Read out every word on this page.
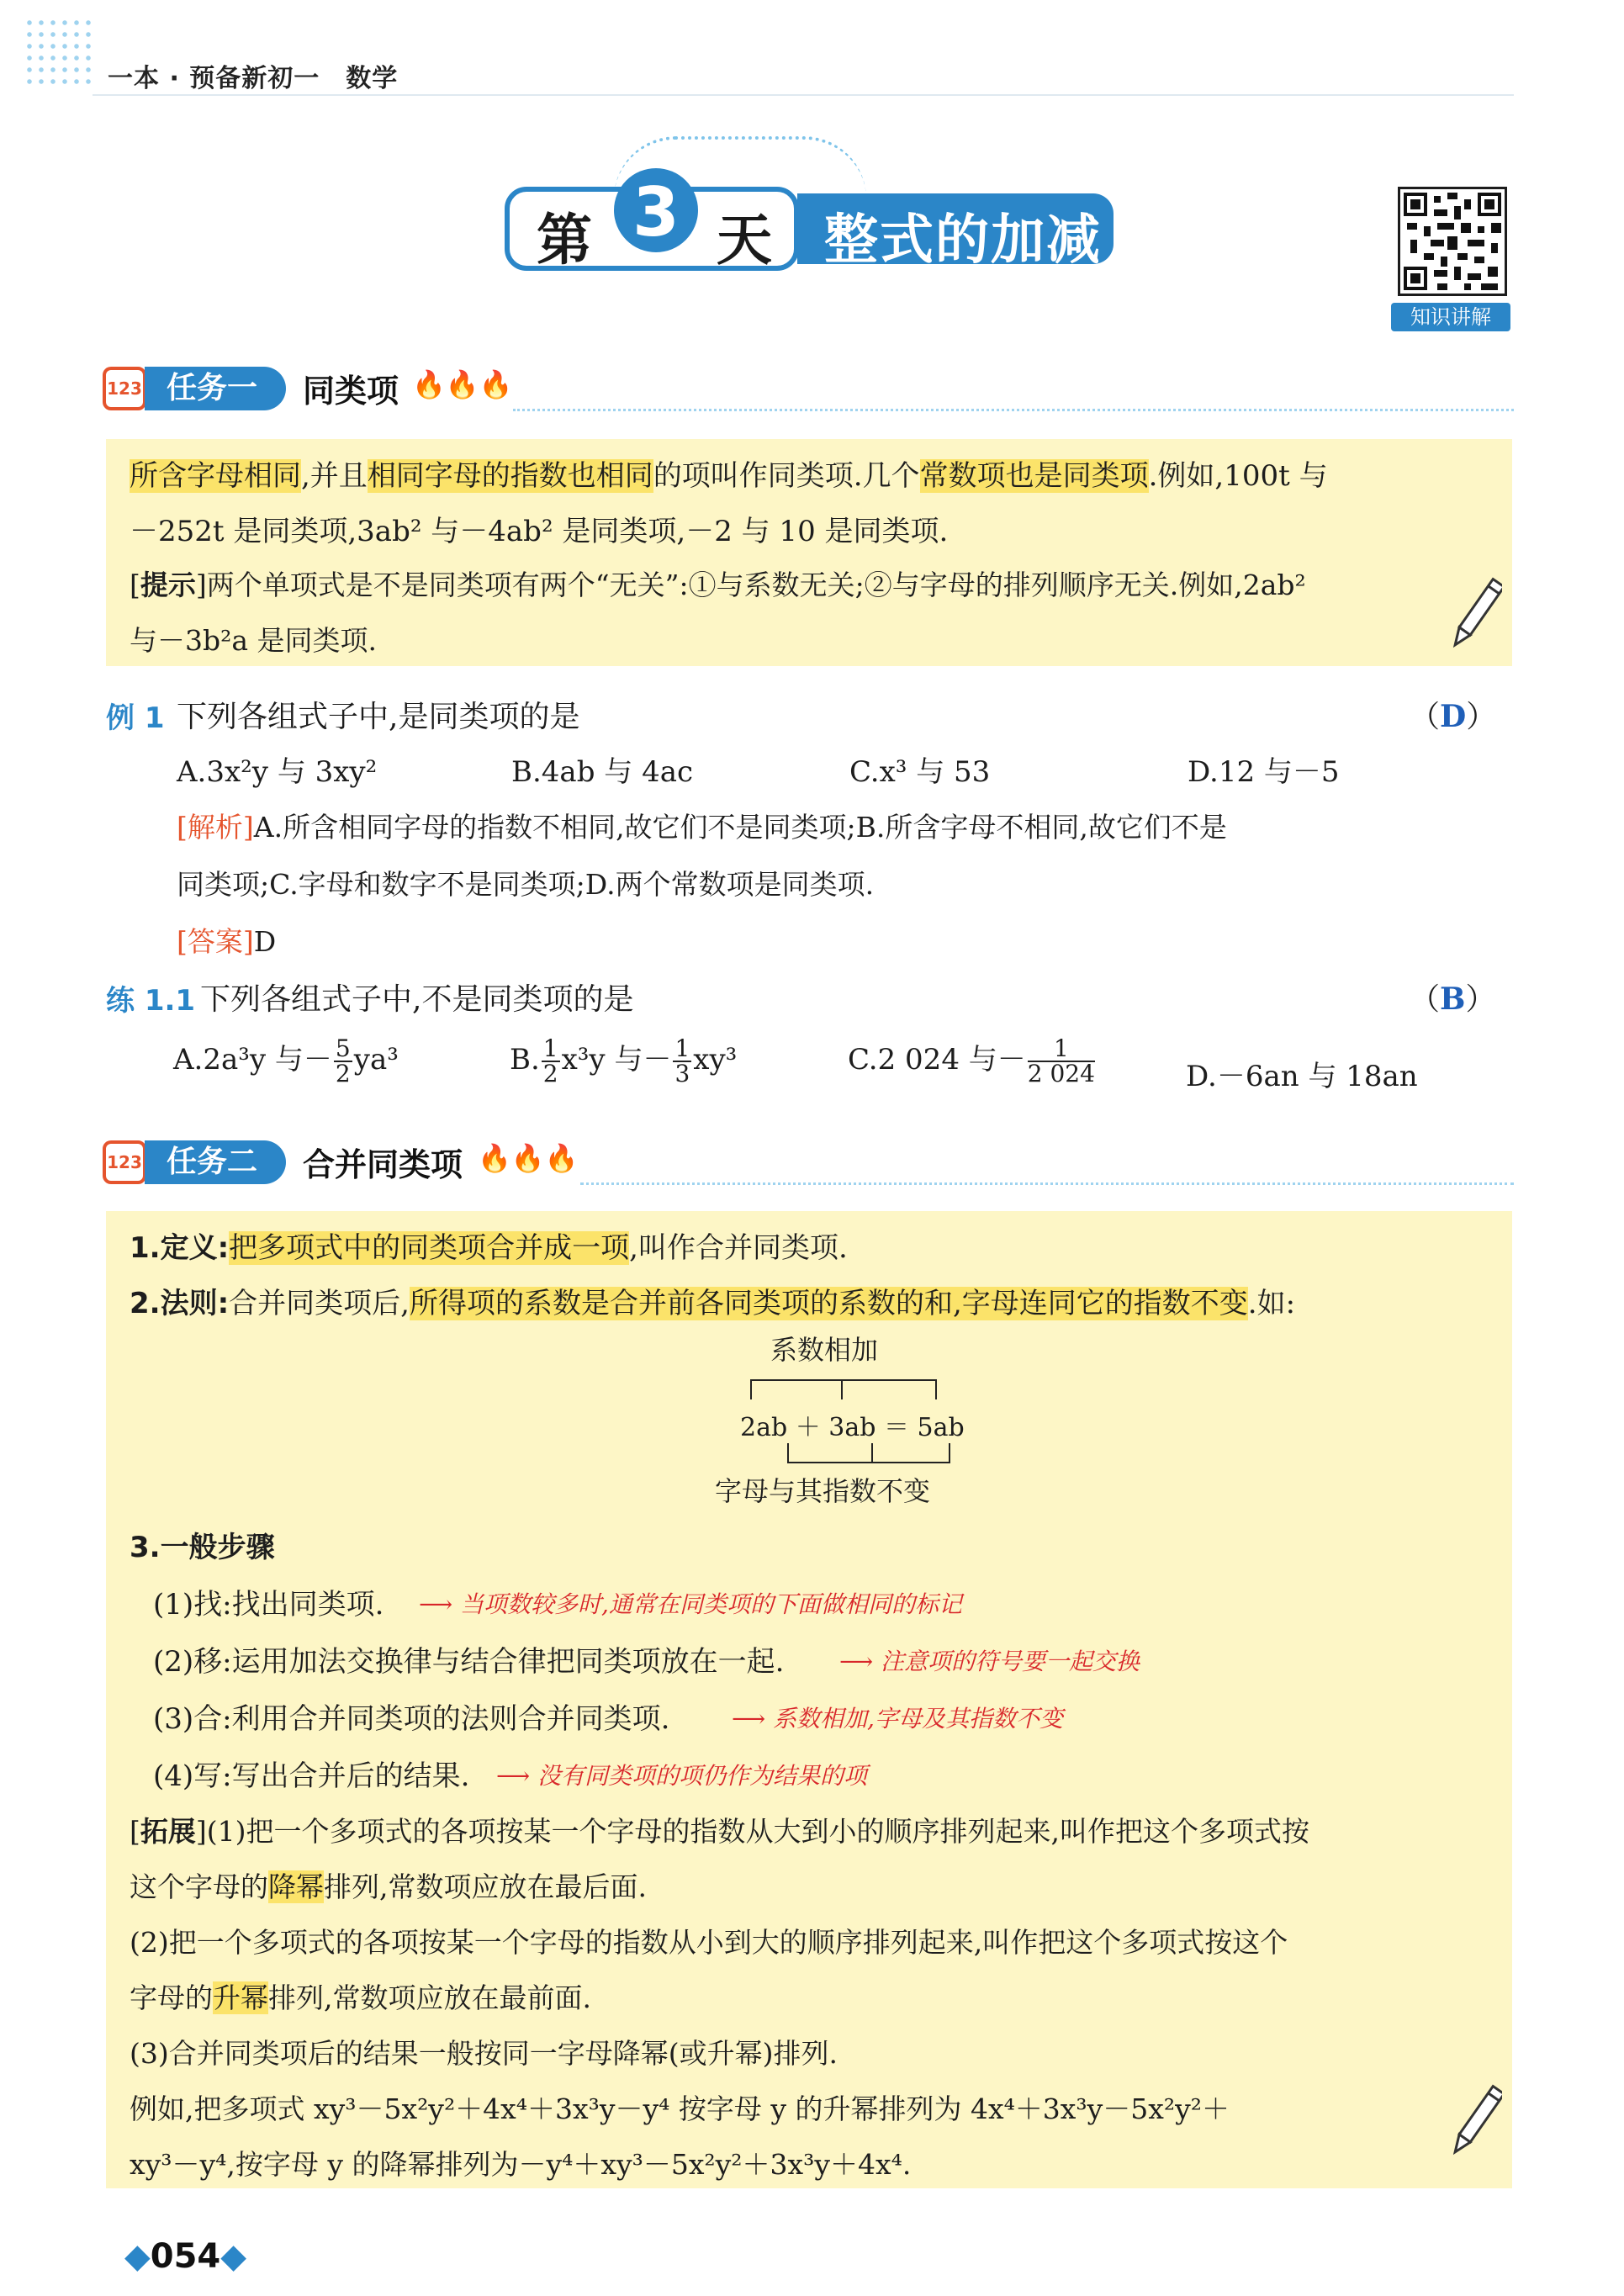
一本 · 预备新初一　数学
整式的加减
第 3 天
知识讲解
123 任务一	同类项 🔥🔥🔥
所含字母相同,并且相同字母的指数也相同的项叫作同类项.几个常数项也是同类项.例如,100t 与
－252t 是同类项,3ab² 与－4ab² 是同类项,－2 与 10 是同类项.
[提示]两个单项式是不是同类项有两个“无关”:①与系数无关;②与字母的排列顺序无关.例如,2ab²
与－3b²a 是同类项.
例 1 下列各组式子中,是同类项的是	（D）
A.3x²y 与 3xy²	B.4ab 与 4ac	C.x³ 与 53	D.12 与－5
[解析]A.所含相同字母的指数不相同,故它们不是同类项;B.所含字母不相同,故它们不是
同类项;C.字母和数字不是同类项;D.两个常数项是同类项.
[答案]D
练 1.1 下列各组式子中,不是同类项的是	（B）
A.2a³y 与－ $\frac{5}{2} ya^3$	B. $\frac{1}{2} x^3y$ 与－ $\frac{1}{3} xy^3$	C.2 024 与－ $\frac{1}{2 024}$	D.－6an 与 18an
123 任务二	合并同类项 🔥🔥🔥
1.定义:把多项式中的同类项合并成一项,叫作合并同类项.
2.法则:合并同类项后,所得项的系数是合并前各同类项的系数的和,字母连同它的指数不变.如:
系数相加
2ab ＋ 3ab ＝ 5ab
字母与其指数不变
3.一般步骤
(1)找:找出同类项. ⟶ 当项数较多时,通常在同类项的下面做相同的标记
(2)移:运用加法交换律与结合律把同类项放在一起. ⟶ 注意项的符号要一起交换
(3)合:利用合并同类项的法则合并同类项.	⟶ 系数相加,字母及其指数不变
(4)写:写出合并后的结果. ⟶ 没有同类项的项仍作为结果的项
[拓展](1)把一个多项式的各项按某一个字母的指数从大到小的顺序排列起来,叫作把这个多项式按
这个字母的降幂排列,常数项应放在最后面.
(2)把一个多项式的各项按某一个字母的指数从小到大的顺序排列起来,叫作把这个多项式按这个
字母的升幂排列,常数项应放在最前面.
(3)合并同类项后的结果一般按同一字母降幂(或升幂)排列.
例如,把多项式 xy³－5x²y²＋4x⁴＋3x³y－y⁴ 按字母 y 的升幂排列为 4x⁴＋3x³y－5x²y²＋
xy³－y⁴,按字母 y 的降幂排列为－y⁴＋xy³－5x²y²＋3x³y＋4x⁴.
◆054◆
